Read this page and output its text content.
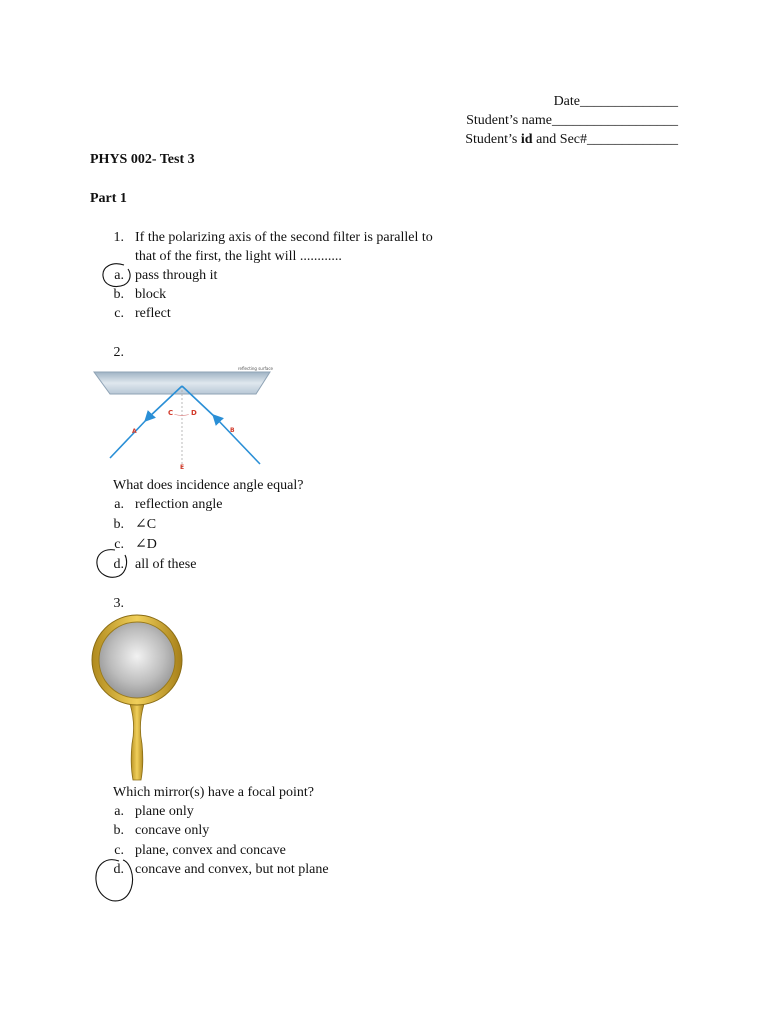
Date______________
Student’s name__________________
Student’s id and Sec#_____________
PHYS 002- Test 3
Part 1
1. If the polarizing axis of the second filter is parallel to
that of the first, the light will ............
a. pass through it
b. block
c. reflect
2.
reflecting surface
C	D
A	B
E
What does incidence angle equal?
a. reflection angle
b. ∠C
c. ∠D
d. all of these
3.
Which mirror(s) have a focal point?
a. plane only
b. concave only
c. plane, convex and concave
d. concave and convex, but not plane
